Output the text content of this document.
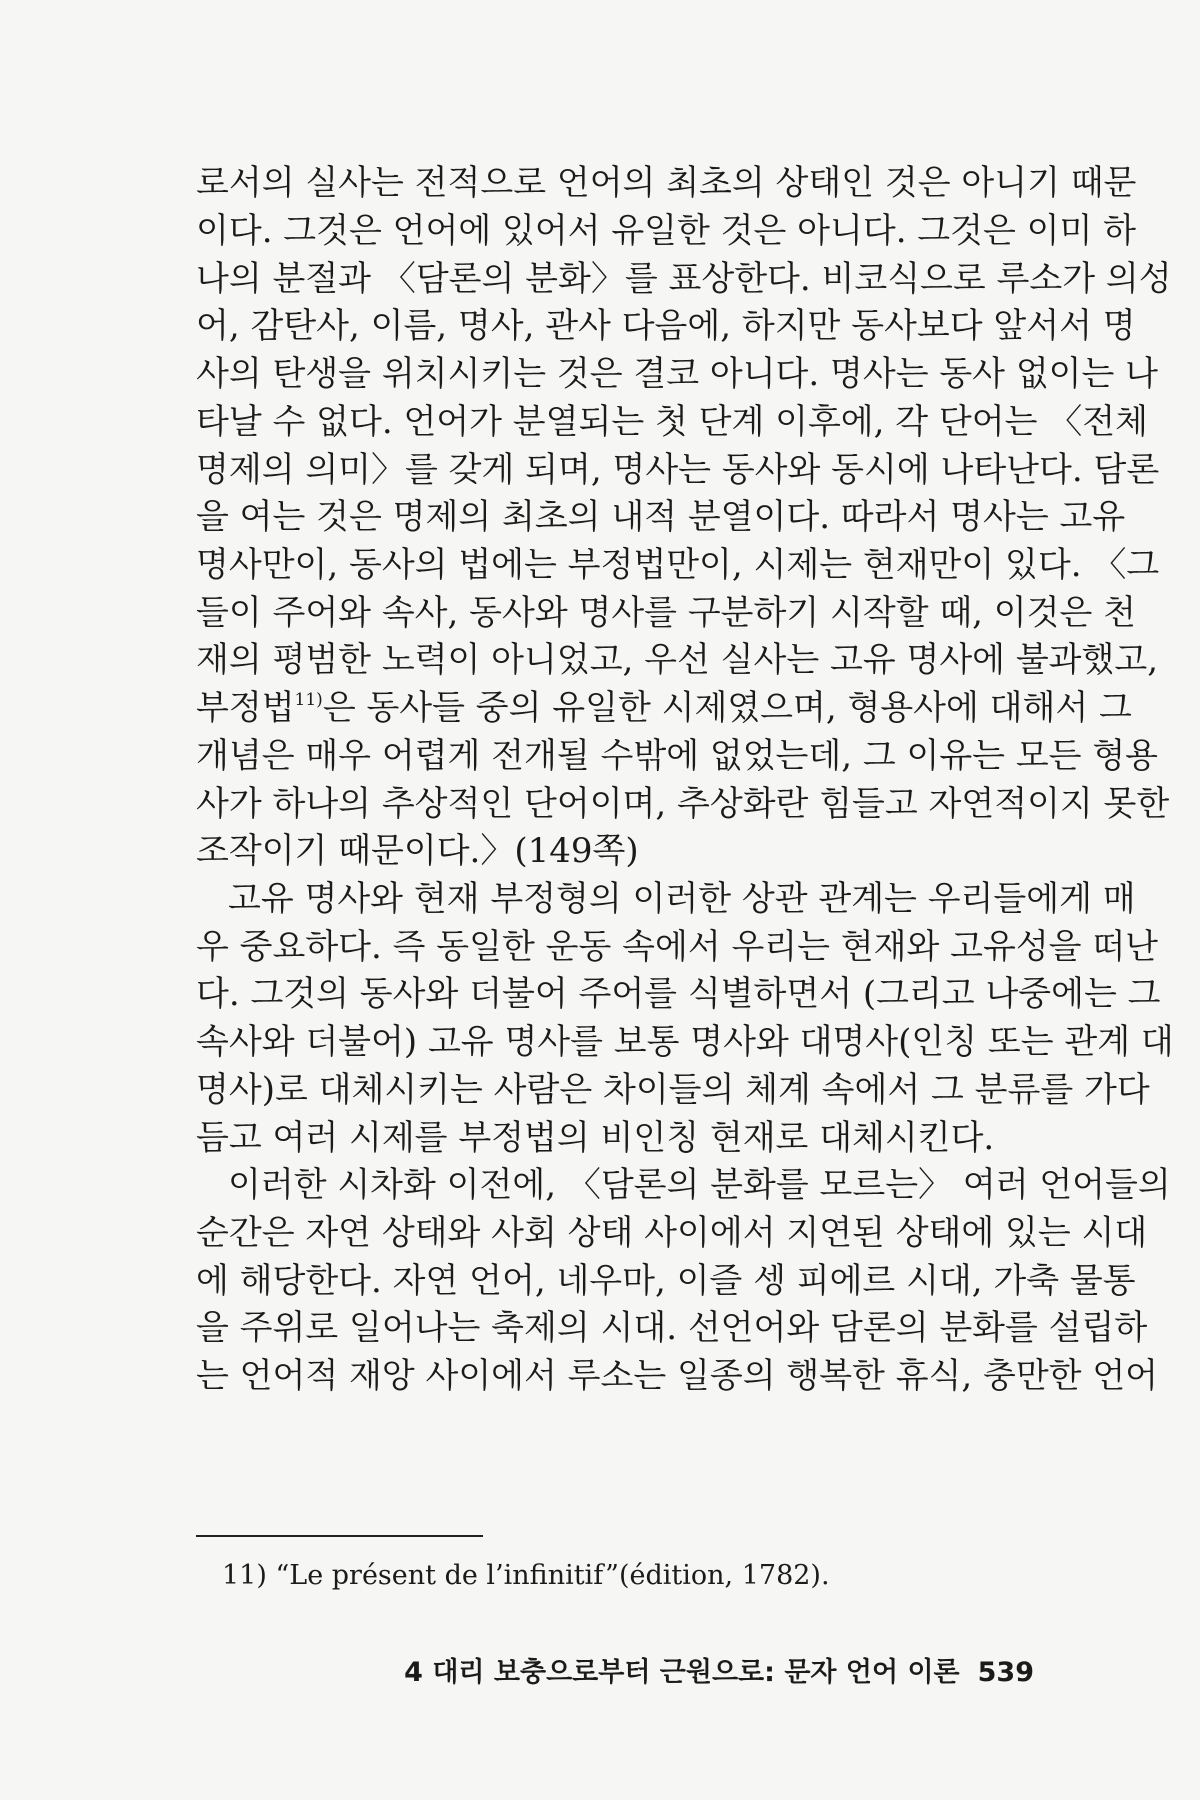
로서의 실사는 전적으로 언어의 최초의 상태인 것은 아니기 때문
이다. 그것은 언어에 있어서 유일한 것은 아니다. 그것은 이미 하
나의 분절과 〈담론의 분화〉를 표상한다. 비코식으로 루소가 의성
어, 감탄사, 이름, 명사, 관사 다음에, 하지만 동사보다 앞서서 명
사의 탄생을 위치시키는 것은 결코 아니다. 명사는 동사 없이는 나
타날 수 없다. 언어가 분열되는 첫 단계 이후에, 각 단어는 〈전체
명제의 의미〉를 갖게 되며, 명사는 동사와 동시에 나타난다. 담론
을 여는 것은 명제의 최초의 내적 분열이다. 따라서 명사는 고유
명사만이, 동사의 법에는 부정법만이, 시제는 현재만이 있다. 〈그
들이 주어와 속사, 동사와 명사를 구분하기 시작할 때, 이것은 천
재의 평범한 노력이 아니었고, 우선 실사는 고유 명사에 불과했고,
부정법$^{11)}$은 동사들 중의 유일한 시제였으며, 형용사에 대해서 그
개념은 매우 어렵게 전개될 수밖에 없었는데, 그 이유는 모든 형용
사가 하나의 추상적인 단어이며, 추상화란 힘들고 자연적이지 못한
조작이기 때문이다.〉(149쪽)
고유 명사와 현재 부정형의 이러한 상관 관계는 우리들에게 매
우 중요하다. 즉 동일한 운동 속에서 우리는 현재와 고유성을 떠난
다. 그것의 동사와 더불어 주어를 식별하면서 (그리고 나중에는 그
속사와 더불어) 고유 명사를 보통 명사와 대명사(인칭 또는 관계 대
명사)로 대체시키는 사람은 차이들의 체계 속에서 그 분류를 가다
듬고 여러 시제를 부정법의 비인칭 현재로 대체시킨다.
이러한 시차화 이전에, 〈담론의 분화를 모르는〉 여러 언어들의
순간은 자연 상태와 사회 상태 사이에서 지연된 상태에 있는 시대
에 해당한다. 자연 언어, 네우마, 이즐 셍 피에르 시대, 가축 물통
을 주위로 일어나는 축제의 시대. 선언어와 담론의 분화를 설립하
는 언어적 재앙 사이에서 루소는 일종의 행복한 휴식, 충만한 언어
11) “Le présent de l’infinitif”(édition, 1782).
4 대리 보충으로부터 근원으로: 문자 언어 이론 539
